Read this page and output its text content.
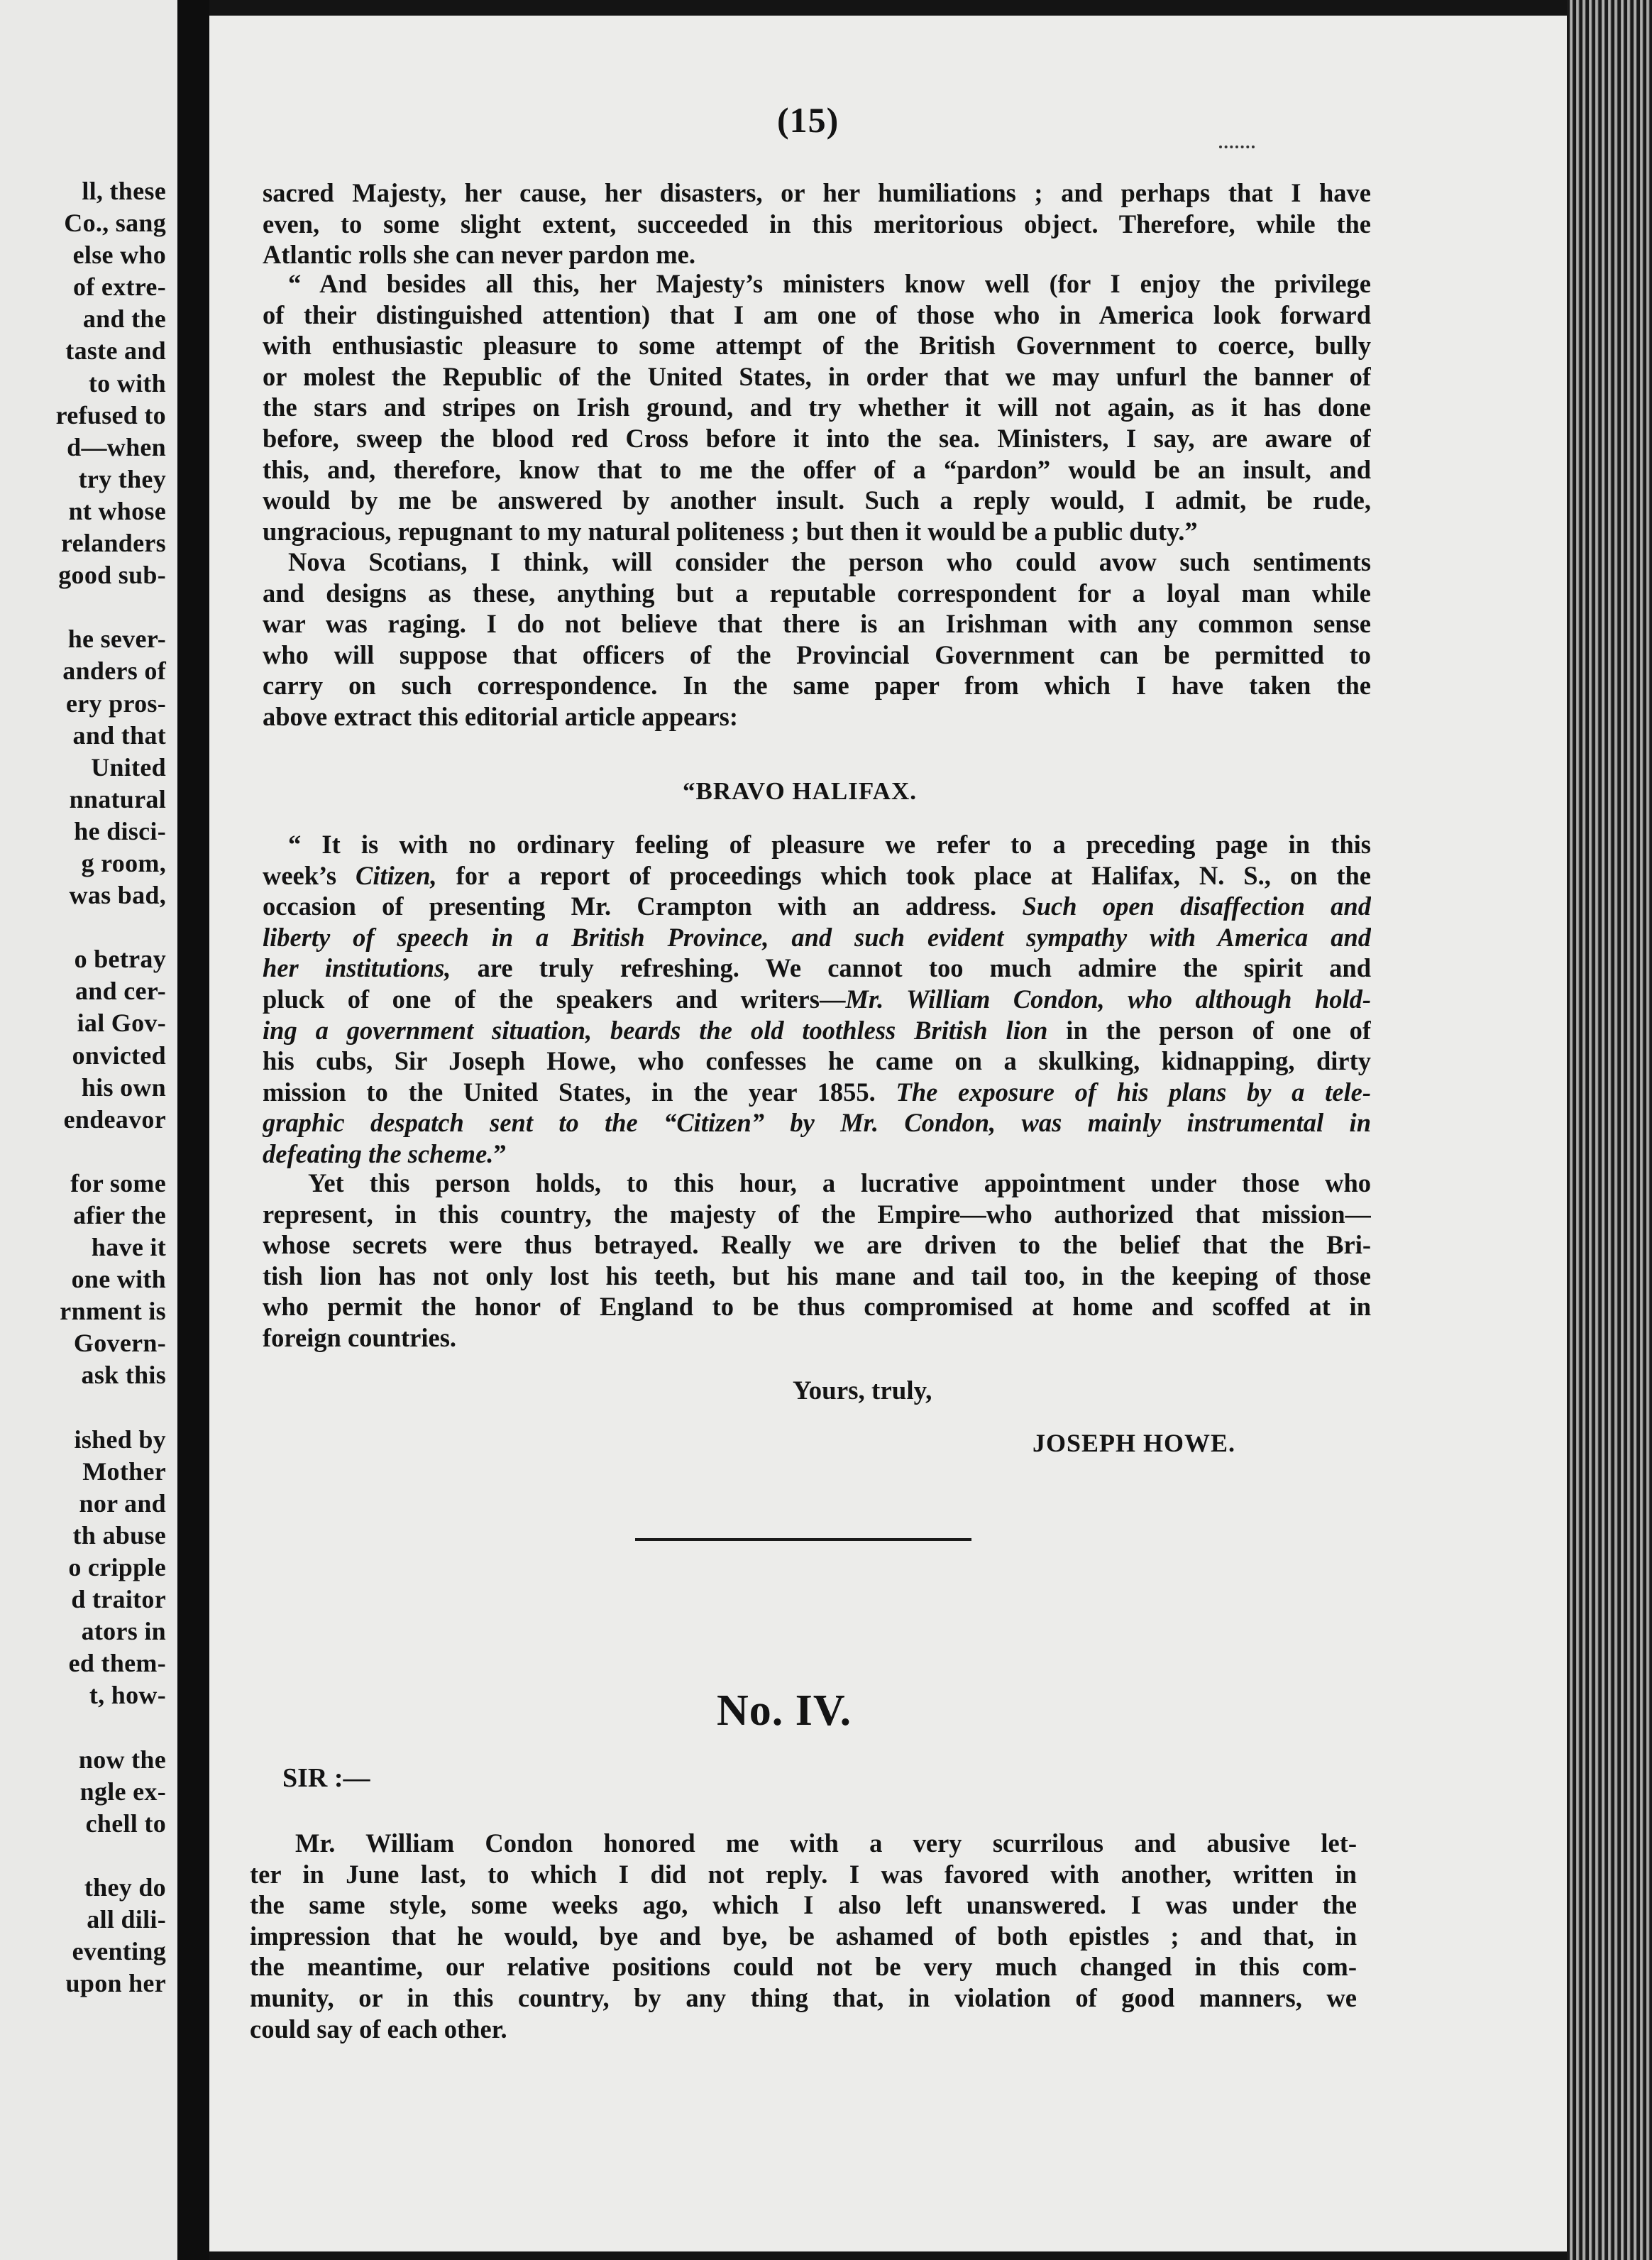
ll, these
Co., sang
else who
of extre-
and the
taste and
to with
refused to
d—when
try they
nt whose
relanders
good sub-
he sever-
anders of
ery pros-
and that
United
nnatural
he disci-
g room,
was bad,
o betray
and cer-
ial Gov-
onvicted
his own
endeavor
for some
afier the
have it
one with
rnment is
Govern-
ask this
ished by
Mother
nor and
th abuse
o cripple
d traitor
ators in
ed them-
t, how-
now the
ngle ex-
chell to
they do
all dili-
eventing
upon her
(15)
sacred Majesty, her cause, her disasters, or her humiliations ; and perhaps that I have
even, to some slight extent, succeeded in this meritorious object. Therefore, while the
Atlantic rolls she can never pardon me.
“ And besides all this, her Majesty’s ministers know well (for I enjoy the privilege
of their distinguished attention) that I am one of those who in America look forward
with enthusiastic pleasure to some attempt of the British Government to coerce, bully
or molest the Republic of the United States, in order that we may unfurl the banner of
the stars and stripes on Irish ground, and try whether it will not again, as it has done
before, sweep the blood red Cross before it into the sea. Ministers, I say, are aware of
this, and, therefore, know that to me the offer of a “pardon” would be an insult, and
would by me be answered by another insult. Such a reply would, I admit, be rude,
ungracious, repugnant to my natural politeness ; but then it would be a public duty.”
Nova Scotians, I think, will consider the person who could avow such sentiments
and designs as these, anything but a reputable correspondent for a loyal man while
war was raging. I do not believe that there is an Irishman with any common sense
who will suppose that officers of the Provincial Government can be permitted to
carry on such correspondence. In the same paper from which I have taken the
above extract this editorial article appears:
“BRAVO HALIFAX.
“ It is with no ordinary feeling of pleasure we refer to a preceding page in this
week’s Citizen, for a report of proceedings which took place at Halifax, N. S., on the
occasion of presenting Mr. Crampton with an address. Such open disaffection and
liberty of speech in a British Province, and such evident sympathy with America and
her institutions, are truly refreshing. We cannot too much admire the spirit and
pluck of one of the speakers and writers—Mr. William Condon, who although hold-
ing a government situation, beards the old toothless British lion in the person of one of
his cubs, Sir Joseph Howe, who confesses he came on a skulking, kidnapping, dirty
mission to the United States, in the year 1855. The exposure of his plans by a tele-
graphic despatch sent to the “Citizen” by Mr. Condon, was mainly instrumental in
defeating the scheme.”
Yet this person holds, to this hour, a lucrative appointment under those who
represent, in this country, the majesty of the Empire—who authorized that mission—
whose secrets were thus betrayed. Really we are driven to the belief that the Bri-
tish lion has not only lost his teeth, but his mane and tail too, in the keeping of those
who permit the honor of England to be thus compromised at home and scoffed at in
foreign countries.
Yours, truly,
JOSEPH HOWE.
No. IV.
SIR :—
Mr. William Condon honored me with a very scurrilous and abusive let-
ter in June last, to which I did not reply. I was favored with another, written in
the same style, some weeks ago, which I also left unanswered. I was under the
impression that he would, bye and bye, be ashamed of both epistles ; and that, in
the meantime, our relative positions could not be very much changed in this com-
munity, or in this country, by any thing that, in violation of good manners, we
could say of each other.
